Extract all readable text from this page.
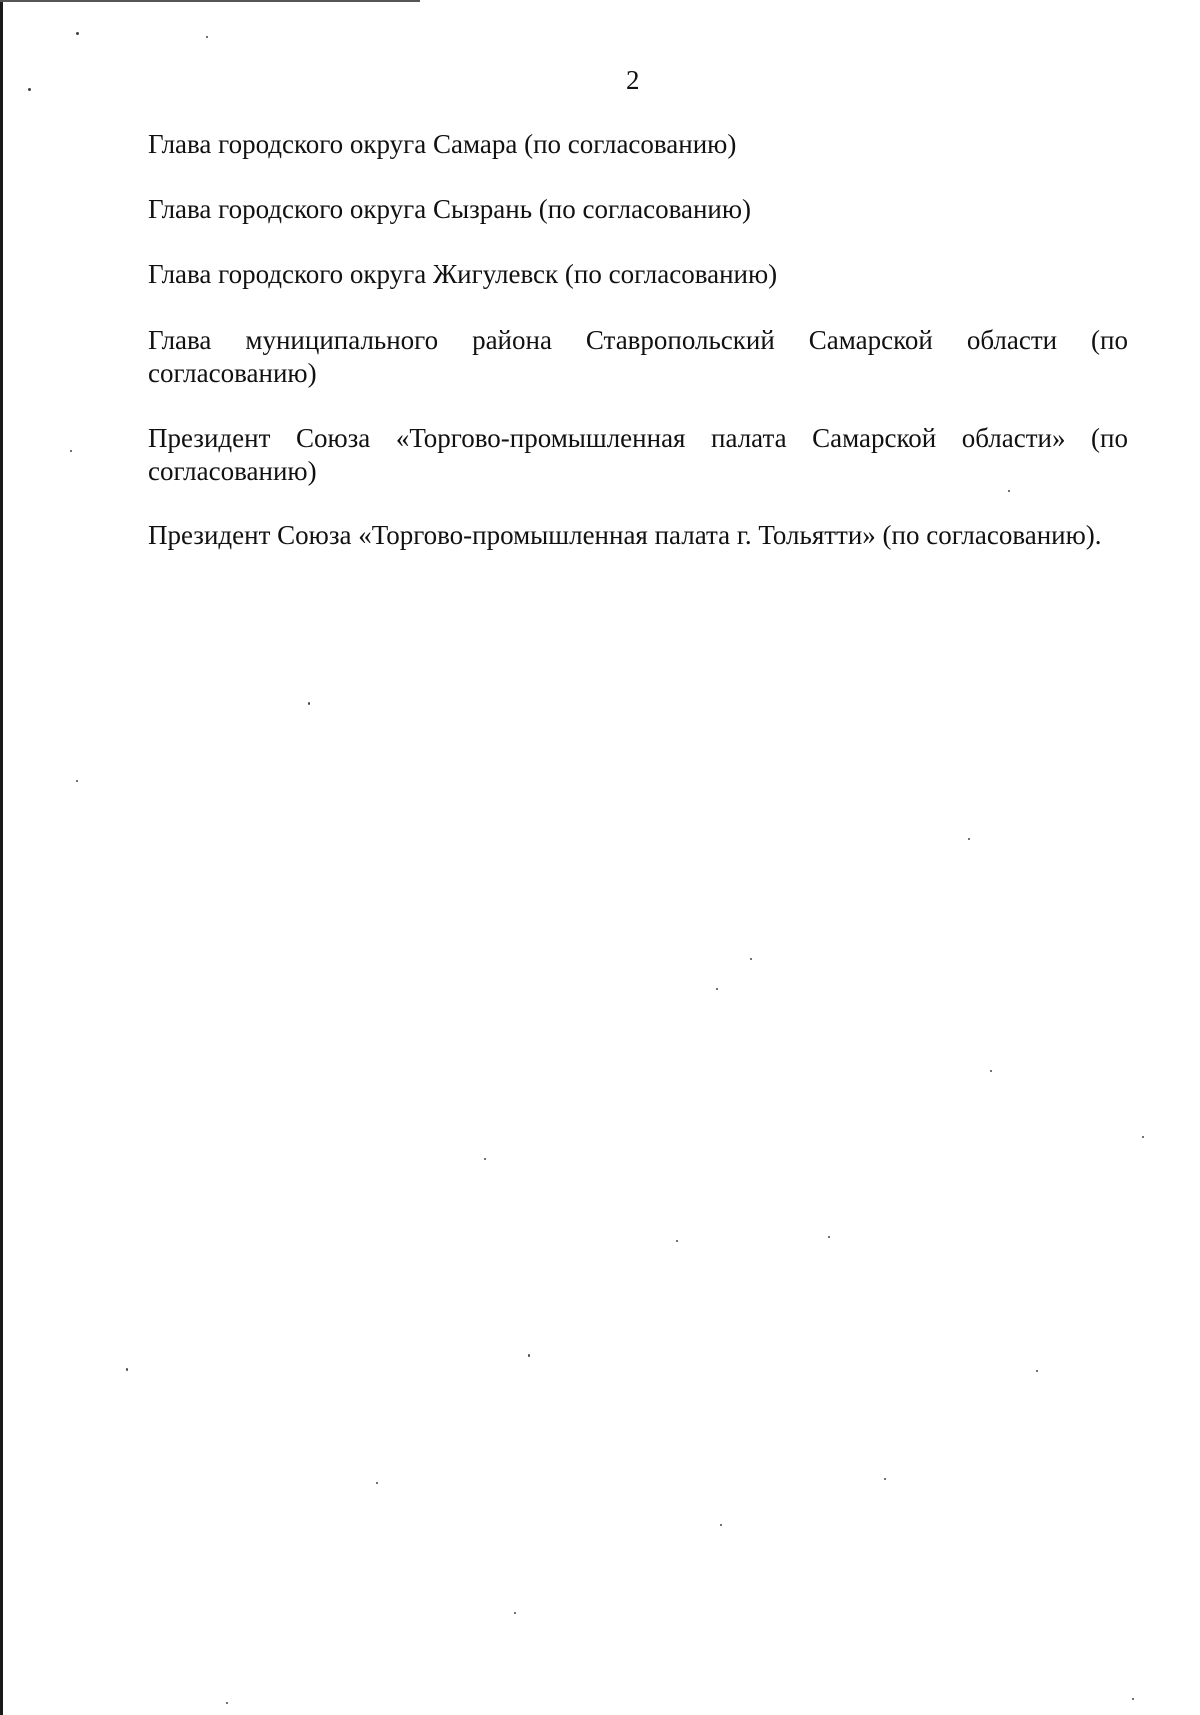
2

Глава городского округа Самара (по согласованию)

Глава городского округа Сызрань (по согласованию)

Глава городского округа Жигулевск (по согласованию)

Глава муниципального района Ставропольский Самарской области (по согласованию)

Президент Союза «Торгово-промышленная палата Самарской области» (по согласованию)

Президент Союза «Торгово-промышленная палата г. Тольятти» (по согласованию).
